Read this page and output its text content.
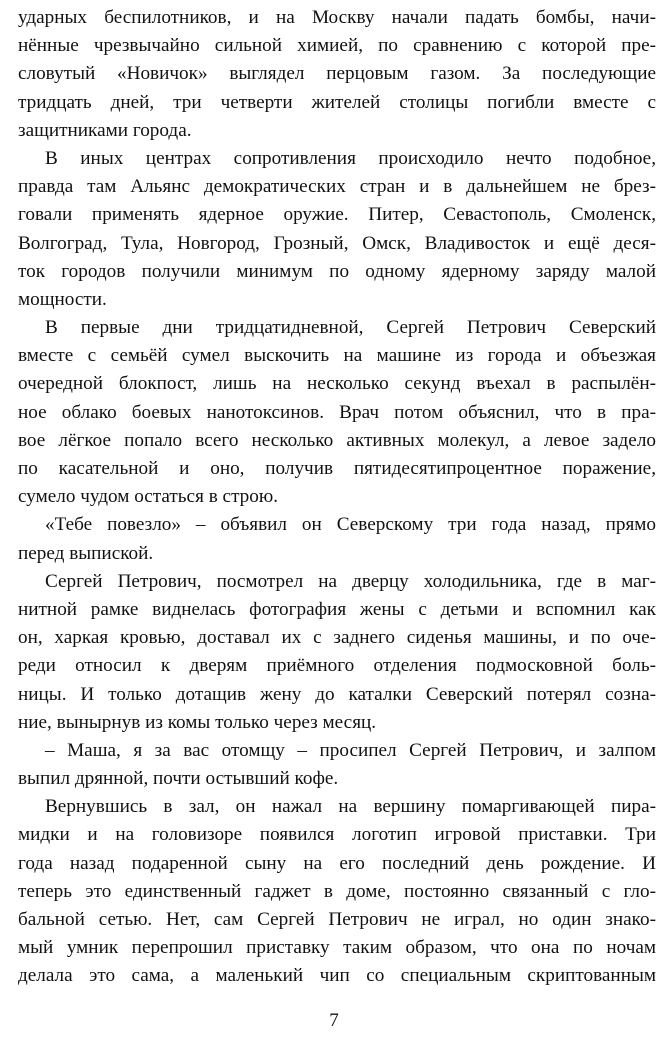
ударных беспилотников, и на Москву начали падать бомбы, начи-
нённые чрезвычайно сильной химией, по сравнению с которой пре-
словутый «Новичок» выглядел перцовым газом. За последующие
тридцать дней, три четверти жителей столицы погибли вместе с
защитниками города.
В иных центрах сопротивления происходило нечто подобное,
правда там Альянс демократических стран и в дальнейшем не брез-
говали применять ядерное оружие. Питер, Севастополь, Смоленск,
Волгоград, Тула, Новгород, Грозный, Омск, Владивосток и ещё деся-
ток городов получили минимум по одному ядерному заряду малой
мощности.
В первые дни тридцатидневной, Сергей Петрович Северский
вместе с семьёй сумел выскочить на машине из города и объезжая
очередной блокпост, лишь на несколько секунд въехал в распылён-
ное облако боевых нанотоксинов. Врач потом объяснил, что в пра-
вое лёгкое попало всего несколько активных молекул, а левое задело
по касательной и оно, получив пятидесятипроцентное поражение,
сумело чудом остаться в строю.
«Тебе повезло» – объявил он Северскому три года назад, прямо
перед выпиской.
Сергей Петрович, посмотрел на дверцу холодильника, где в маг-
нитной рамке виднелась фотография жены с детьми и вспомнил как
он, харкая кровью, доставал их с заднего сиденья машины, и по оче-
реди относил к дверям приёмного отделения подмосковной боль-
ницы. И только дотащив жену до каталки Северский потерял созна-
ние, вынырнув из комы только через месяц.
– Маша, я за вас отомщу – просипел Сергей Петрович, и залпом
выпил дрянной, почти остывший кофе.
Вернувшись в зал, он нажал на вершину помаргивающей пира-
мидки и на головизоре появился логотип игровой приставки. Три
года назад подаренной сыну на его последний день рождение. И
теперь это единственный гаджет в доме, постоянно связанный с гло-
бальной сетью. Нет, сам Сергей Петрович не играл, но один знако-
мый умник перепрошил приставку таким образом, что она по ночам
делала это сама, а маленький чип со специальным скриптованным
7
